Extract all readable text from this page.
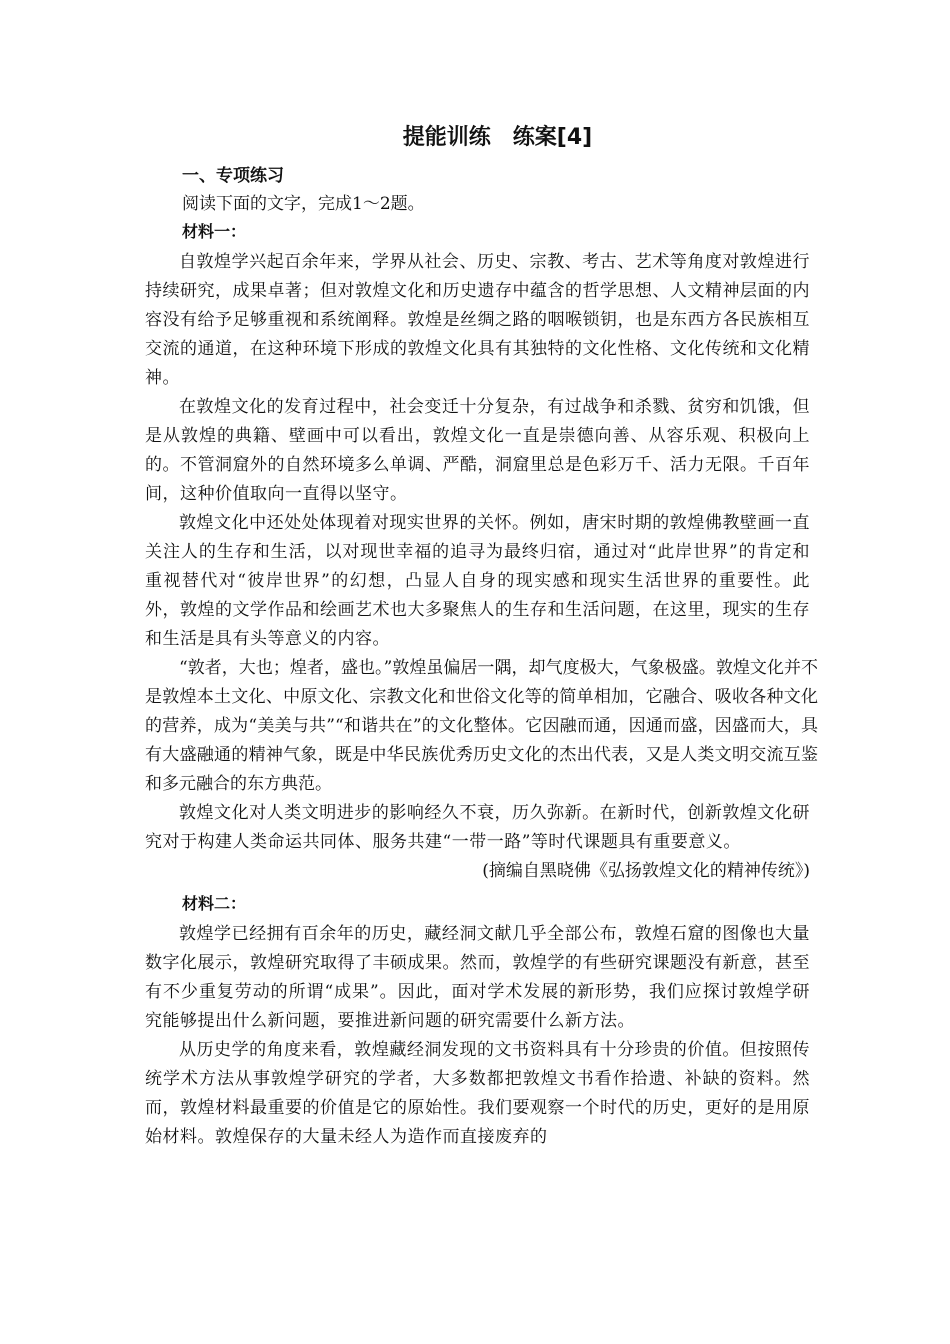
提能训练　练案[4]

一、专项练习

阅读下面的文字，完成1～2题。

材料一：

自敦煌学兴起百余年来，学界从社会、历史、宗教、考古、艺术等角度对敦煌进行持续研究，成果卓著；但对敦煌文化和历史遗存中蕴含的哲学思想、人文精神层面的内容没有给予足够重视和系统阐释。敦煌是丝绸之路的咽喉锁钥，也是东西方各民族相互交流的通道，在这种环境下形成的敦煌文化具有其独特的文化性格、文化传统和文化精神。

在敦煌文化的发育过程中，社会变迁十分复杂，有过战争和杀戮、贫穷和饥饿，但是从敦煌的典籍、壁画中可以看出，敦煌文化一直是崇德向善、从容乐观、积极向上的。不管洞窟外的自然环境多么单调、严酷，洞窟里总是色彩万千、活力无限。千百年间，这种价值取向一直得以坚守。

敦煌文化中还处处体现着对现实世界的关怀。例如，唐宋时期的敦煌佛教壁画一直关注人的生存和生活，以对现世幸福的追寻为最终归宿，通过对“此岸世界”的肯定和重视替代对“彼岸世界”的幻想，凸显人自身的现实感和现实生活世界的重要性。此外，敦煌的文学作品和绘画艺术也大多聚焦人的生存和生活问题，在这里，现实的生存和生活是具有头等意义的内容。

“敦者，大也；煌者，盛也。”敦煌虽偏居一隅，却气度极大，气象极盛。敦煌文化并不是敦煌本土文化、中原文化、宗教文化和世俗文化等的简单相加，它融合、吸收各种文化的营养，成为“美美与共”“和谐共在”的文化整体。它因融而通，因通而盛，因盛而大，具有大盛融通的精神气象，既是中华民族优秀历史文化的杰出代表，又是人类文明交流互鉴和多元融合的东方典范。

敦煌文化对人类文明进步的影响经久不衰，历久弥新。在新时代，创新敦煌文化研究对于构建人类命运共同体、服务共建“一带一路”等时代课题具有重要意义。

(摘编自黑晓佛《弘扬敦煌文化的精神传统》)

材料二：

敦煌学已经拥有百余年的历史，藏经洞文献几乎全部公布，敦煌石窟的图像也大量数字化展示，敦煌研究取得了丰硕成果。然而，敦煌学的有些研究课题没有新意，甚至有不少重复劳动的所谓“成果”。因此，面对学术发展的新形势，我们应探讨敦煌学研究能够提出什么新问题，要推进新问题的研究需要什么新方法。

从历史学的角度来看，敦煌藏经洞发现的文书资料具有十分珍贵的价值。但按照传统学术方法从事敦煌学研究的学者，大多数都把敦煌文书看作拾遗、补缺的资料。然而，敦煌材料最重要的价值是它的原始性。我们要观察一个时代的历史，更好的是用原始材料。敦煌保存的大量未经人为造作而直接废弃的
